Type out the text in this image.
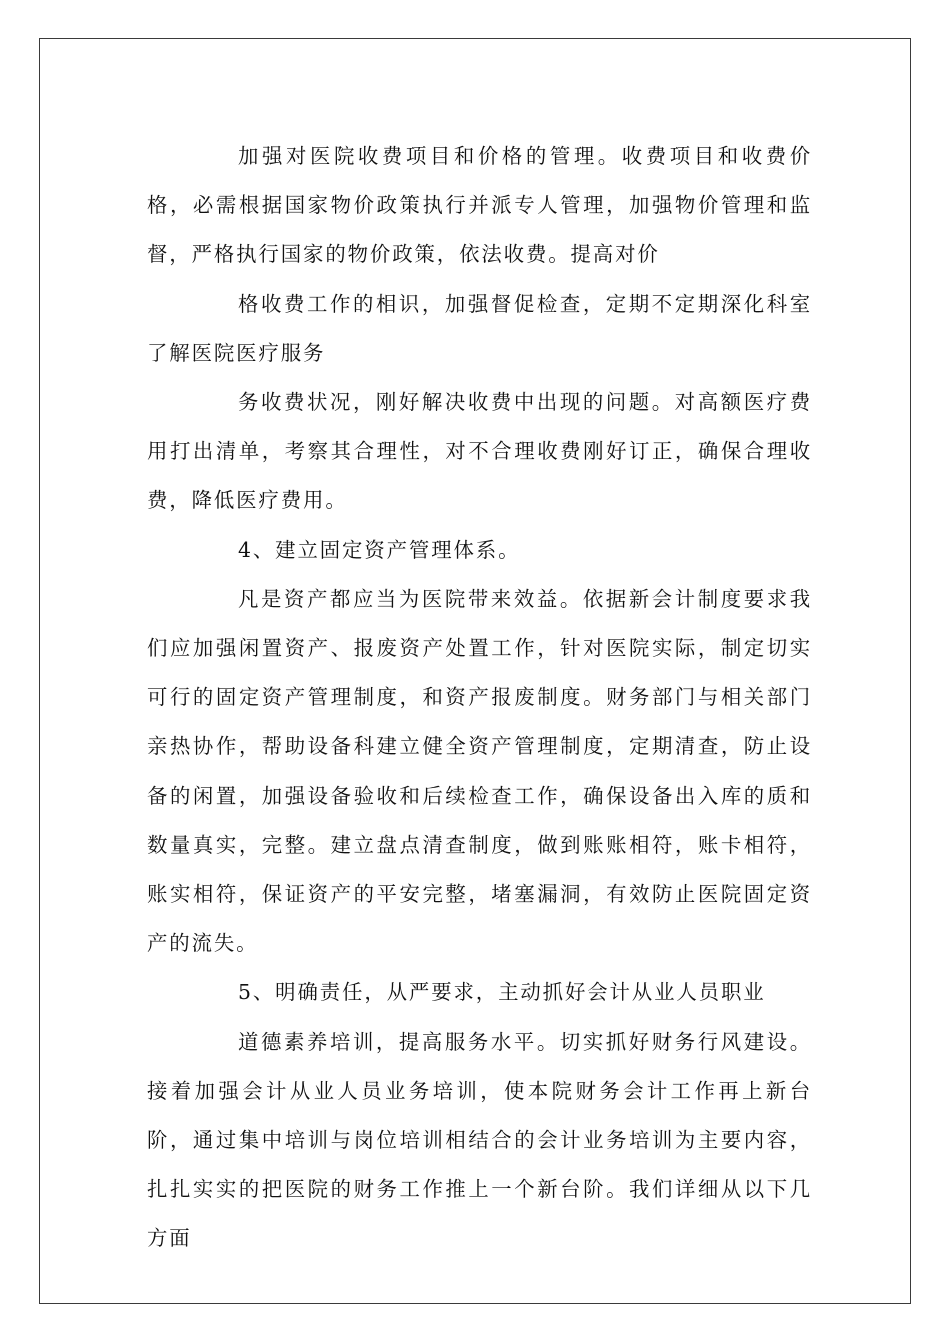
加强对医院收费项目和价格的管理。收费项目和收费价格，必需根据国家物价政策执行并派专人管理，加强物价管理和监督，严格执行国家的物价政策，依法收费。提高对价

格收费工作的相识，加强督促检查，定期不定期深化科室了解医院医疗服务

务收费状况，刚好解决收费中出现的问题。对高额医疗费用打出清单，考察其合理性，对不合理收费刚好订正，确保合理收费，降低医疗费用。

4、建立固定资产管理体系。

凡是资产都应当为医院带来效益。依据新会计制度要求我们应加强闲置资产、报废资产处置工作，针对医院实际，制定切实可行的固定资产管理制度，和资产报废制度。财务部门与相关部门亲热协作，帮助设备科建立健全资产管理制度，定期清查，防止设备的闲置，加强设备验收和后续检查工作，确保设备出入库的质和数量真实，完整。建立盘点清查制度，做到账账相符，账卡相符，账实相符，保证资产的平安完整，堵塞漏洞，有效防止医院固定资产的流失。

5、明确责任，从严要求，主动抓好会计从业人员职业

道德素养培训，提高服务水平。切实抓好财务行风建设。接着加强会计从业人员业务培训，使本院财务会计工作再上新台阶，通过集中培训与岗位培训相结合的会计业务培训为主要内容，扎扎实实的把医院的财务工作推上一个新台阶。我们详细从以下几方面
